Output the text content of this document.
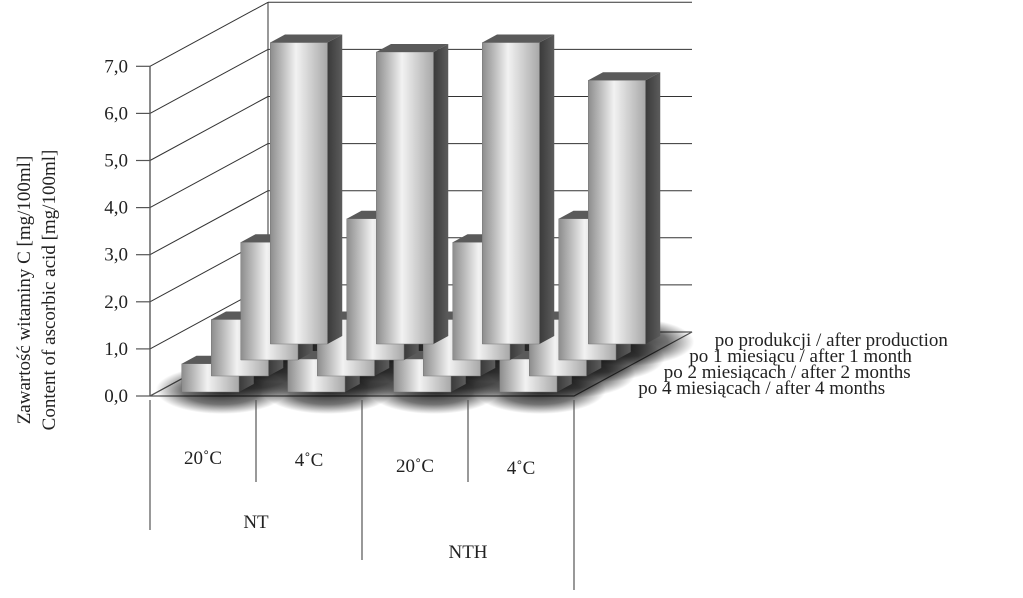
0,0
1,0
2,0
3,0
4,0
5,0
6,0
7,0
20˚C	4˚C	20˚C	4˚C
NT
NTH
po produkcji / after production
po 1 miesiącu / after 1 month
po 2 miesiącach / after 2 months
po 4 miesiącach / after 4 months
Zawartość witaminy C [mg/100ml] Content of ascorbic acid [mg/100ml]
